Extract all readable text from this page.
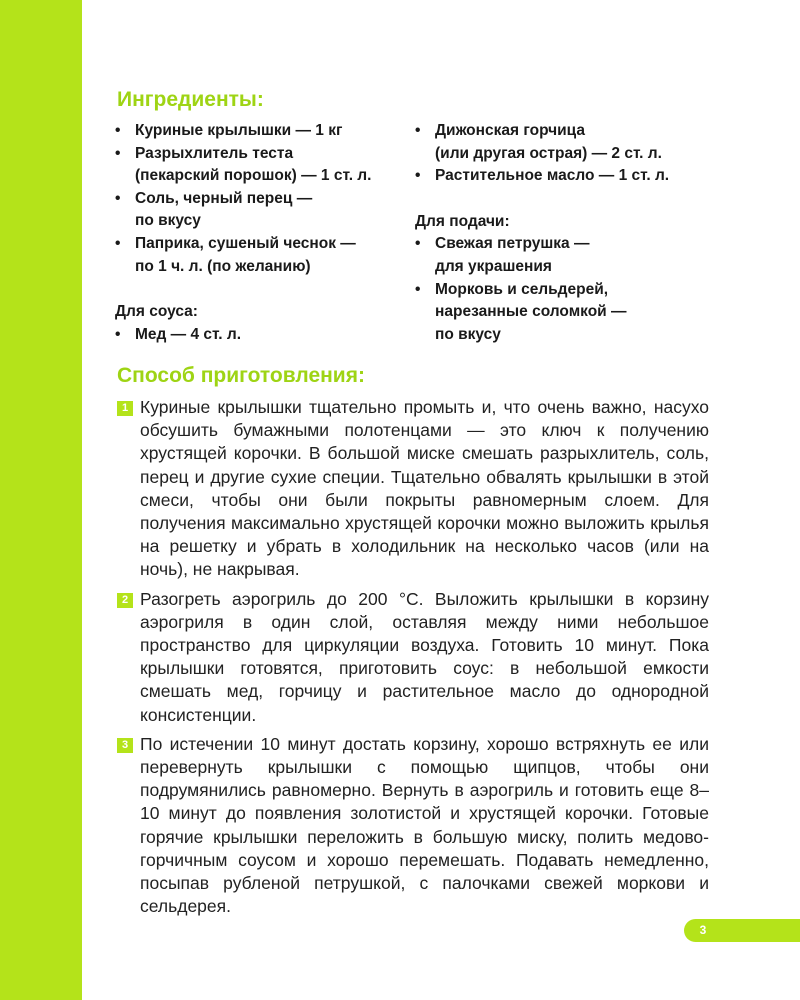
Ингредиенты:
• Куриные крылышки — 1 кг
• Разрыхлитель теста
(пекарский порошок) — 1 ст. л.
• Соль, черный перец —
по вкусу
• Паприка, сушеный чеснок —
по 1 ч. л. (по желанию)
Для соуса:
• Мед — 4 ст. л.
• Дижонская горчица
(или другая острая) — 2 ст. л.
• Растительное масло — 1 ст. л.
Для подачи:
• Свежая петрушка —
для украшения
• Морковь и сельдерей,
нарезанные соломкой —
по вкусу
Способ приготовления:
1 Куриные крылышки тщательно промыть и, что очень важно, насухо обсушить бумажными полотенцами — это ключ к получению хрустящей корочки. В большой миске смешать разрыхлитель, соль, перец и другие сухие специи. Тщательно обвалять крылышки в этой смеси, чтобы они были покрыты равномерным слоем. Для получения максимально хрустящей корочки можно выложить крылья на решетку и убрать в холодильник на несколько часов (или на ночь), не накрывая.
2 Разогреть аэрогриль до 200 °C. Выложить крылышки в корзину аэрогриля в один слой, оставляя между ними небольшое пространство для циркуляции воздуха. Готовить 10 минут. Пока крылышки готовятся, приготовить соус: в небольшой емкости смешать мед, горчицу и растительное масло до однородной консистенции.
3 По истечении 10 минут достать корзину, хорошо встряхнуть ее или перевернуть крылышки с помощью щипцов, чтобы они подрумянились равномерно. Вернуть в аэрогриль и готовить еще 8–10 минут до появления золотистой и хрустящей корочки. Готовые горячие крылышки переложить в большую миску, полить медово-горчичным соусом и хорошо перемешать. Подавать немедленно, посыпав рубленой петрушкой, с палочками свежей моркови и сельдерея.
3
